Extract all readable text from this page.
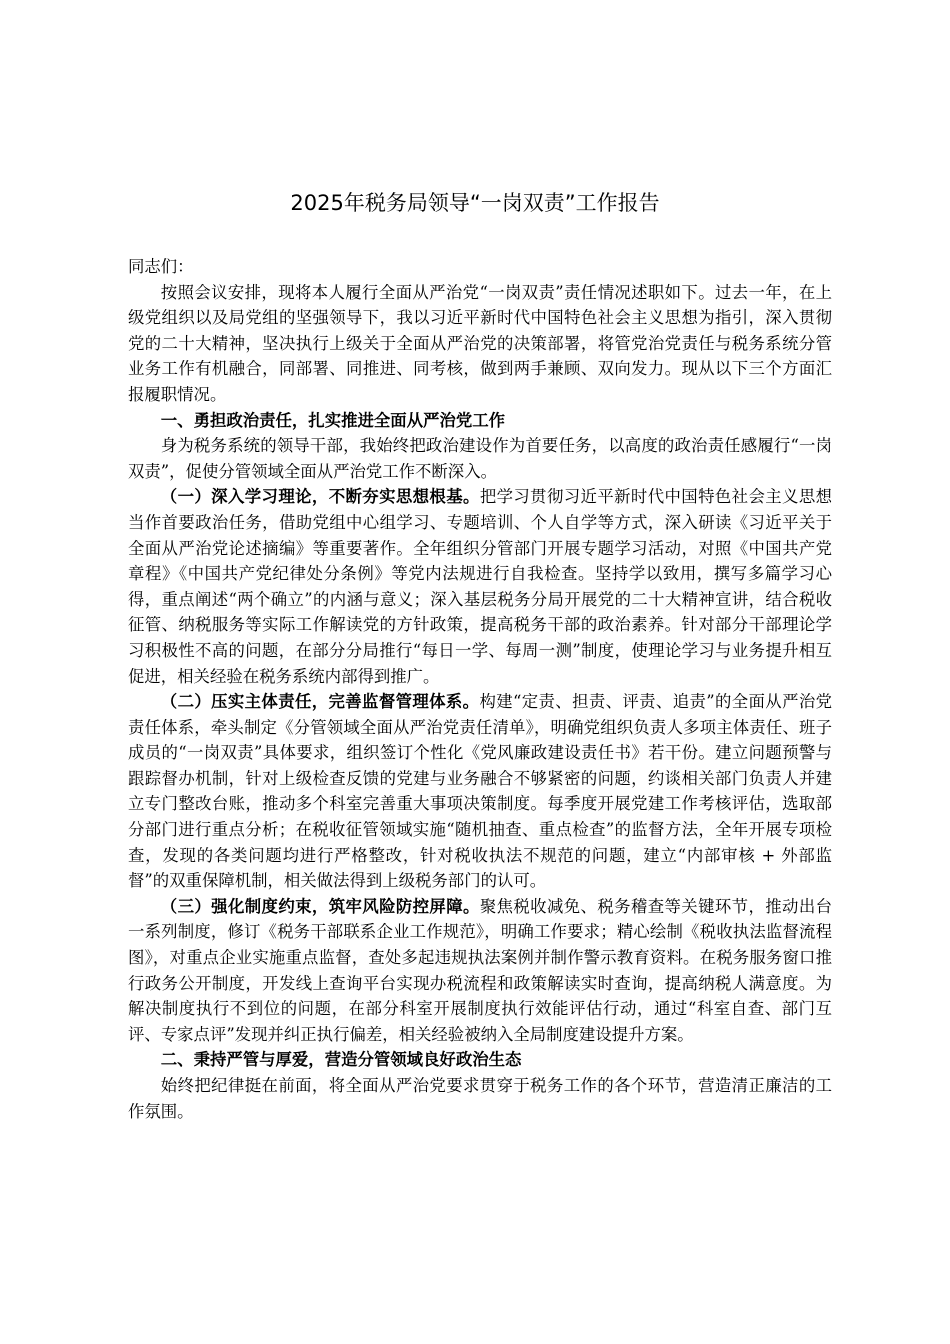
2025年税务局领导“一岗双责”工作报告

同志们：

按照会议安排，现将本人履行全面从严治党“一岗双责”责任情况述职如下。过去一年，在上级党组织以及局党组的坚强领导下，我以习近平新时代中国特色社会主义思想为指引，深入贯彻党的二十大精神，坚决执行上级关于全面从严治党的决策部署，将管党治党责任与税务系统分管业务工作有机融合，同部署、同推进、同考核，做到两手兼顾、双向发力。现从以下三个方面汇报履职情况。

一、勇担政治责任，扎实推进全面从严治党工作

身为税务系统的领导干部，我始终把政治建设作为首要任务，以高度的政治责任感履行“一岗双责”，促使分管领域全面从严治党工作不断深入。

（一）深入学习理论，不断夯实思想根基。把学习贯彻习近平新时代中国特色社会主义思想当作首要政治任务，借助党组中心组学习、专题培训、个人自学等方式，深入研读《习近平关于全面从严治党论述摘编》等重要著作。全年组织分管部门开展专题学习活动，对照《中国共产党章程》《中国共产党纪律处分条例》等党内法规进行自我检查。坚持学以致用，撰写多篇学习心得，重点阐述“两个确立”的内涵与意义；深入基层税务分局开展党的二十大精神宣讲，结合税收征管、纳税服务等实际工作解读党的方针政策，提高税务干部的政治素养。针对部分干部理论学习积极性不高的问题，在部分分局推行“每日一学、每周一测”制度，使理论学习与业务提升相互促进，相关经验在税务系统内部得到推广。

（二）压实主体责任，完善监督管理体系。构建“定责、担责、评责、追责”的全面从严治党责任体系，牵头制定《分管领域全面从严治党责任清单》，明确党组织负责人多项主体责任、班子成员的“一岗双责”具体要求，组织签订个性化《党风廉政建设责任书》若干份。建立问题预警与跟踪督办机制，针对上级检查反馈的党建与业务融合不够紧密的问题，约谈相关部门负责人并建立专门整改台账，推动多个科室完善重大事项决策制度。每季度开展党建工作考核评估，选取部分部门进行重点分析；在税收征管领域实施“随机抽查、重点检查”的监督方法，全年开展专项检查，发现的各类问题均进行严格整改，针对税收执法不规范的问题，建立“内部审核 + 外部监督”的双重保障机制，相关做法得到上级税务部门的认可。

（三）强化制度约束，筑牢风险防控屏障。聚焦税收减免、税务稽查等关键环节，推动出台一系列制度，修订《税务干部联系企业工作规范》，明确工作要求；精心绘制《税收执法监督流程图》，对重点企业实施重点监督，查处多起违规执法案例并制作警示教育资料。在税务服务窗口推行政务公开制度，开发线上查询平台实现办税流程和政策解读实时查询，提高纳税人满意度。为解决制度执行不到位的问题，在部分科室开展制度执行效能评估行动，通过“科室自查、部门互评、专家点评”发现并纠正执行偏差，相关经验被纳入全局制度建设提升方案。

二、秉持严管与厚爱，营造分管领域良好政治生态

始终把纪律挺在前面，将全面从严治党要求贯穿于税务工作的各个环节，营造清正廉洁的工作氛围。
